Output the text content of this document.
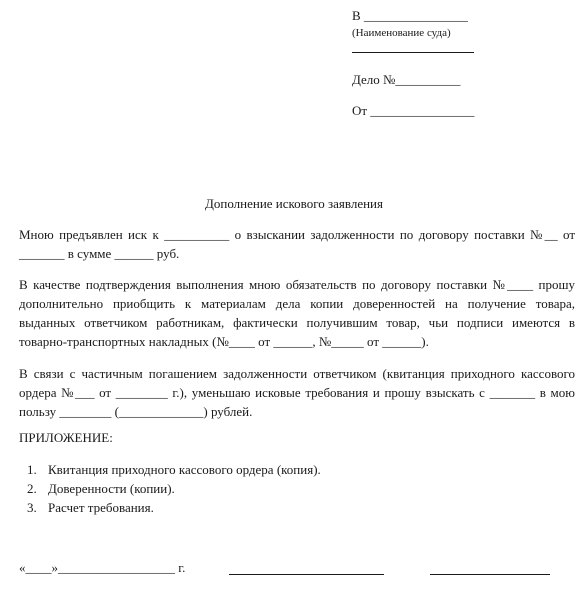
В ________________
(Наименование суда)
Дело №__________
От ________________
Дополнение искового заявления
Мною предъявлен иск к __________ о взыскании задолженности по договору поставки №__ от _______ в сумме ______ руб.
В качестве подтверждения выполнения мною обязательств по договору поставки №____ прошу дополнительно приобщить к материалам дела копии доверенностей на получение товара, выданных ответчиком работникам, фактически получившим товар, чьи подписи имеются в товарно-транспортных накладных (№____ от ______, №_____ от ______).
В связи с частичным погашением задолженности ответчиком (квитанция приходного кассового ордера №___ от ________ г.), уменьшаю исковые требования и прошу взыскать с _______ в мою пользу ________ (_____________) рублей.
ПРИЛОЖЕНИЕ:
1. Квитанция приходного кассового ордера (копия).
2. Доверенности (копии).
3. Расчет требования.
«____»__________________ г.
